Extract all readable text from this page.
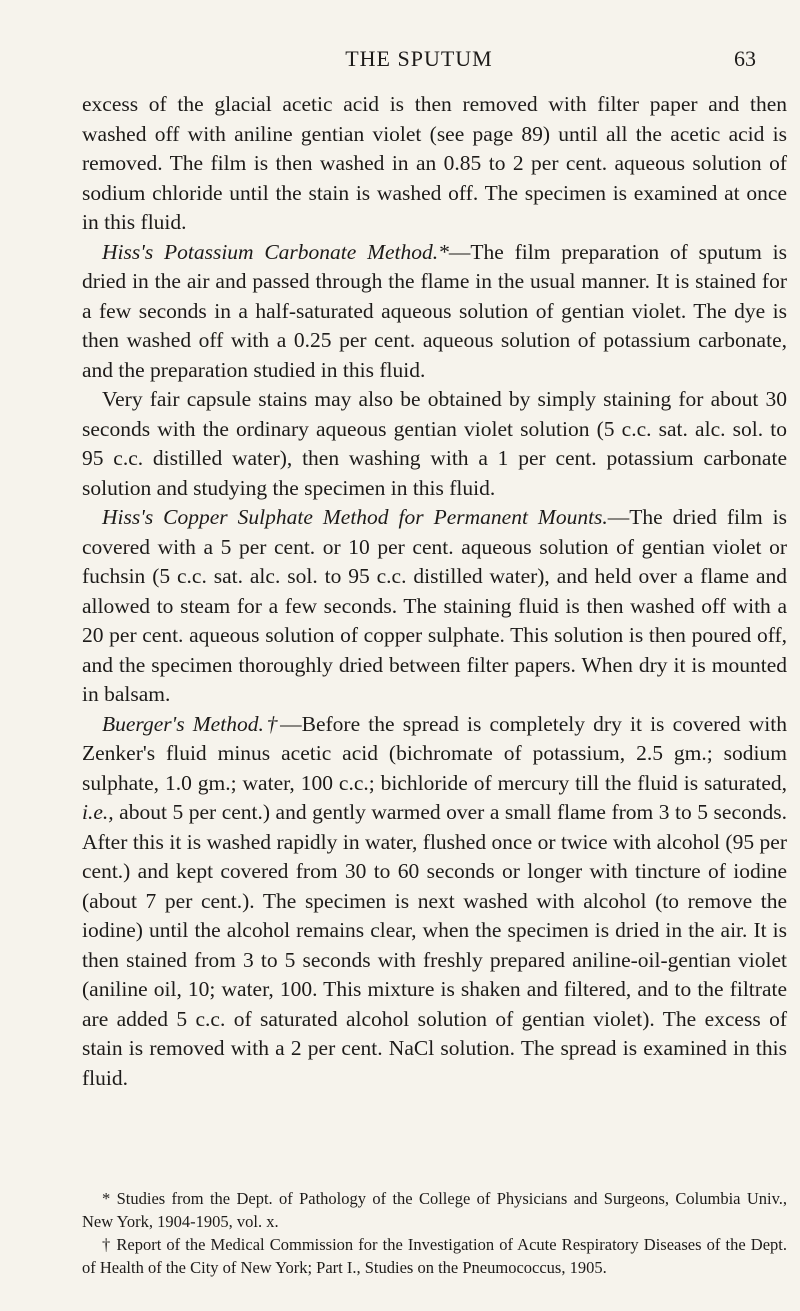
THE SPUTUM	63

excess of the glacial acetic acid is then removed with filter paper and then washed off with aniline gentian violet (see page 89) until all the acetic acid is removed. The film is then washed in an 0.85 to 2 per cent. aqueous solution of sodium chloride until the stain is washed off. The specimen is examined at once in this fluid.

Hiss's Potassium Carbonate Method.*—The film preparation of sputum is dried in the air and passed through the flame in the usual manner. It is stained for a few seconds in a half-saturated aqueous solution of gentian violet. The dye is then washed off with a 0.25 per cent. aqueous solution of potassium carbonate, and the preparation studied in this fluid.

Very fair capsule stains may also be obtained by simply staining for about 30 seconds with the ordinary aqueous gentian violet solution (5 c.c. sat. alc. sol. to 95 c.c. distilled water), then washing with a 1 per cent. potassium carbonate solution and studying the specimen in this fluid.

Hiss's Copper Sulphate Method for Permanent Mounts.—The dried film is covered with a 5 per cent. or 10 per cent. aqueous solution of gentian violet or fuchsin (5 c.c. sat. alc. sol. to 95 c.c. distilled water), and held over a flame and allowed to steam for a few seconds. The staining fluid is then washed off with a 20 per cent. aqueous solution of copper sulphate. This solution is then poured off, and the specimen thoroughly dried between filter papers. When dry it is mounted in balsam.

Buerger's Method.†—Before the spread is completely dry it is covered with Zenker's fluid minus acetic acid (bichromate of potassium, 2.5 gm.; sodium sulphate, 1.0 gm.; water, 100 c.c.; bichloride of mercury till the fluid is saturated, i.e., about 5 per cent.) and gently warmed over a small flame from 3 to 5 seconds. After this it is washed rapidly in water, flushed once or twice with alcohol (95 per cent.) and kept covered from 30 to 60 seconds or longer with tincture of iodine (about 7 per cent.). The specimen is next washed with alcohol (to remove the iodine) until the alcohol remains clear, when the specimen is dried in the air. It is then stained from 3 to 5 seconds with freshly prepared aniline-oil-gentian violet (aniline oil, 10; water, 100. This mixture is shaken and filtered, and to the filtrate are added 5 c.c. of saturated alcohol solution of gentian violet). The excess of stain is removed with a 2 per cent. NaCl solution. The spread is examined in this fluid.

* Studies from the Dept. of Pathology of the College of Physicians and Surgeons, Columbia Univ., New York, 1904-1905, vol. x.

† Report of the Medical Commission for the Investigation of Acute Respiratory Diseases of the Dept. of Health of the City of New York; Part I., Studies on the Pneumococcus, 1905.
